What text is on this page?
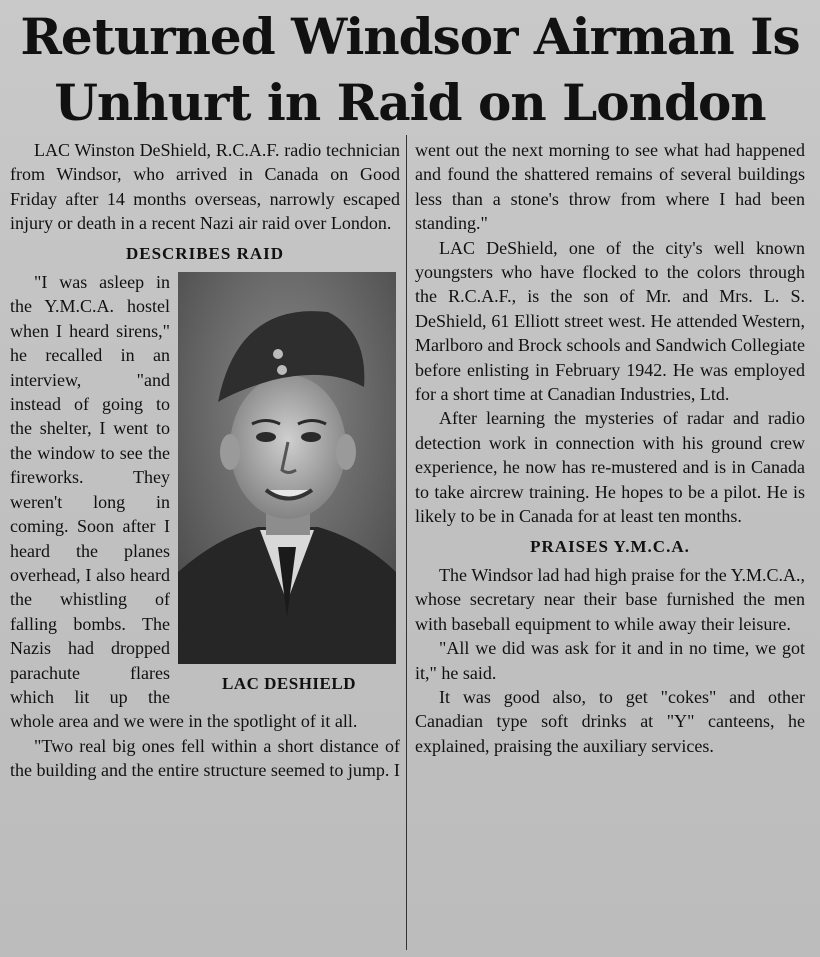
Returned Windsor Airman Is
Unhurt in Raid on London

LAC Winston DeShield, R.C.A.F. radio technician from Windsor, who arrived in Canada on Good Friday after 14 months overseas, narrowly escaped injury or death in a recent Nazi air raid over London.

DESCRIBES RAID
LAC DESHIELD

"I was asleep in the Y.M.C.A. hostel when I heard sirens," he recalled in an interview, "and instead of going to the shelter, I went to the window to see the fireworks. They weren't long in coming. Soon after I heard the planes overhead, I also heard the whistling of falling bombs. The Nazis had dropped parachute flares which lit up the whole area and we were in the spotlight of it all.

"Two real big ones fell within a short distance of the building and the entire structure seemed to jump. I

went out the next morning to see what had happened and found the shattered remains of several buildings less than a stone's throw from where I had been standing."

LAC DeShield, one of the city's well known youngsters who have flocked to the colors through the R.C.A.F., is the son of Mr. and Mrs. L. S. DeShield, 61 Elliott street west. He attended Western, Marlboro and Brock schools and Sandwich Collegiate before enlisting in February 1942. He was employed for a short time at Canadian Industries, Ltd.

After learning the mysteries of radar and radio detection work in connection with his ground crew experience, he now has re-mustered and is in Canada to take aircrew training. He hopes to be a pilot. He is likely to be in Canada for at least ten months.

PRAISES Y.M.C.A.

The Windsor lad had high praise for the Y.M.C.A., whose secretary near their base furnished the men with baseball equipment to while away their leisure.

"All we did was ask for it and in no time, we got it," he said.

It was good also, to get "cokes" and other Canadian type soft drinks at "Y" canteens, he explained, praising the auxiliary services.
